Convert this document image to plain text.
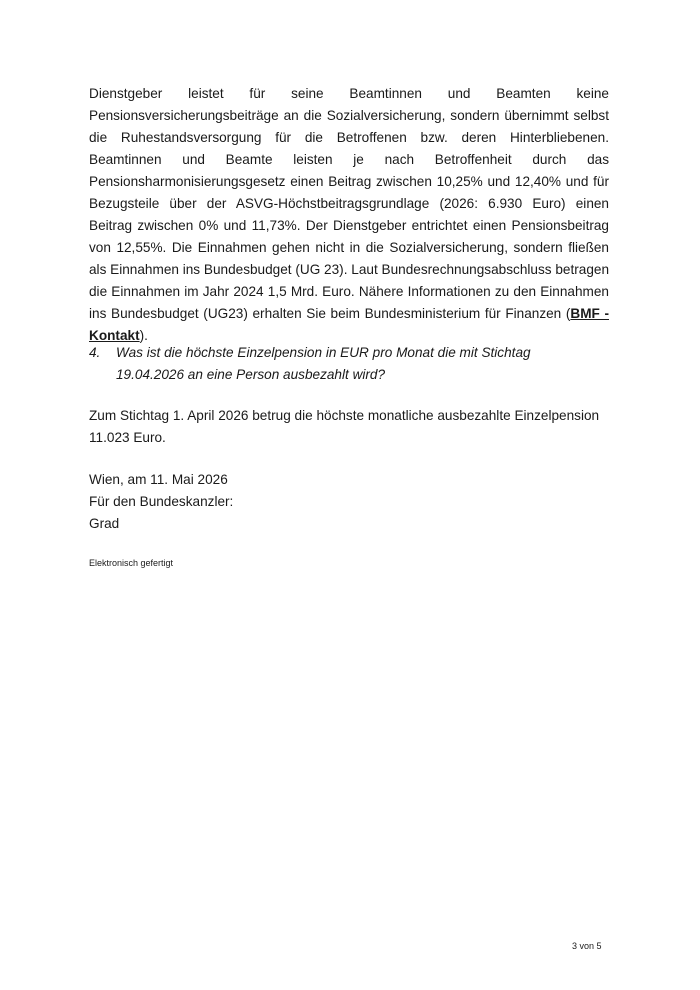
Dienstgeber leistet für seine Beamtinnen und Beamten keine Pensionsversicherungsbeiträge an die Sozialversicherung, sondern übernimmt selbst die Ruhestandsversorgung für die Betroffenen bzw. deren Hinterbliebenen. Beamtinnen und Beamte leisten je nach Betroffenheit durch das Pensionsharmonisierungsgesetz einen Beitrag zwischen 10,25% und 12,40% und für Bezugsteile über der ASVG-Höchstbeitragsgrundlage (2026: 6.930 Euro) einen Beitrag zwischen 0% und 11,73%. Der Dienstgeber entrichtet einen Pensionsbeitrag von 12,55%. Die Einnahmen gehen nicht in die Sozialversicherung, sondern fließen als Einnahmen ins Bundesbudget (UG 23). Laut Bundesrechnungsabschluss betragen die Einnahmen im Jahr 2024 1,5 Mrd. Euro. Nähere Informationen zu den Einnahmen ins Bundesbudget (UG23) erhalten Sie beim Bundesministerium für Finanzen (BMF - Kontakt).

4.	Was ist die höchste Einzelpension in EUR pro Monat die mit Stichtag 19.04.2026 an eine Person ausbezahlt wird?

Zum Stichtag 1. April 2026 betrug die höchste monatliche ausbezahlte Einzelpension 11.023 Euro.

Wien, am 11. Mai 2026
Für den Bundeskanzler:
Grad

Elektronisch gefertigt

3 von 5
